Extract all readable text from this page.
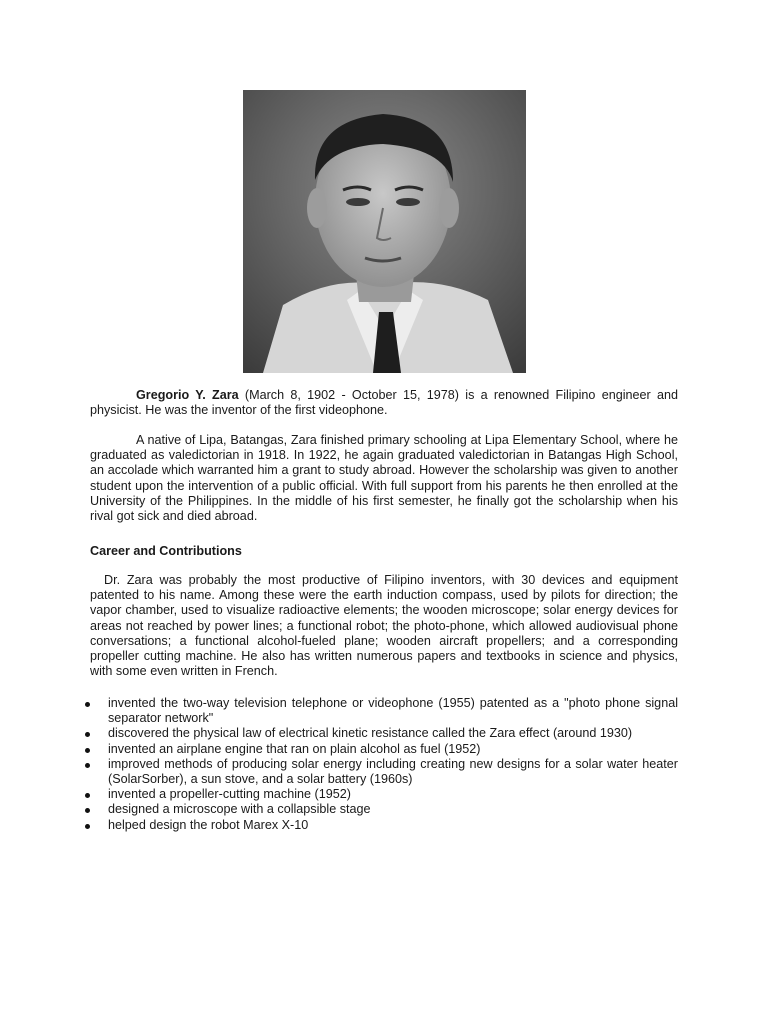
Gregorio Y. Zara (March 8, 1902 - October 15, 1978) is a renowned Filipino engineer and physicist. He was the inventor of the first videophone.
A native of Lipa, Batangas, Zara finished primary schooling at Lipa Elementary School, where he graduated as valedictorian in 1918. In 1922, he again graduated valedictorian in Batangas High School, an accolade which warranted him a grant to study abroad. However the scholarship was given to another student upon the intervention of a public official. With full support from his parents he then enrolled at the University of the Philippines. In the middle of his first semester, he finally got the scholarship when his rival got sick and died abroad.
Career and Contributions
Dr. Zara was probably the most productive of Filipino inventors, with 30 devices and equipment patented to his name. Among these were the earth induction compass, used by pilots for direction; the vapor chamber, used to visualize radioactive elements; the wooden microscope; solar energy devices for areas not reached by power lines; a functional robot; the photo-phone, which allowed audiovisual phone conversations; a functional alcohol-fueled plane; wooden aircraft propellers; and a corresponding propeller cutting machine. He also has written numerous papers and textbooks in science and physics, with some even written in French.
invented the two-way television telephone or videophone (1955) patented as a "photo phone signal separator network"
discovered the physical law of electrical kinetic resistance called the Zara effect (around 1930)
invented an airplane engine that ran on plain alcohol as fuel (1952)
improved methods of producing solar energy including creating new designs for a solar water heater (SolarSorber), a sun stove, and a solar battery (1960s)
invented a propeller-cutting machine (1952)
designed a microscope with a collapsible stage
helped design the robot Marex X-10
